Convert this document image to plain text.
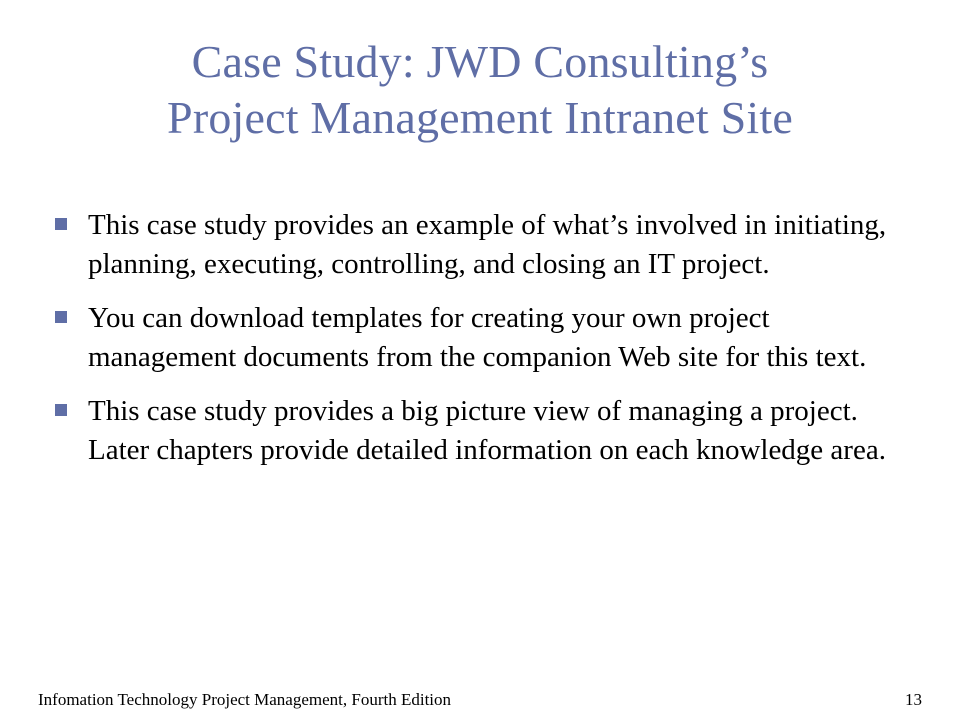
Case Study: JWD Consulting’s
Project Management Intranet Site
This case study provides an example of what’s involved in initiating, planning, executing, controlling, and closing an IT project.
You can download templates for creating your own project management documents from the companion Web site for this text.
This case study provides a big picture view of managing a project. Later chapters provide detailed information on each knowledge area.
Infomation Technology Project Management, Fourth Edition	13
